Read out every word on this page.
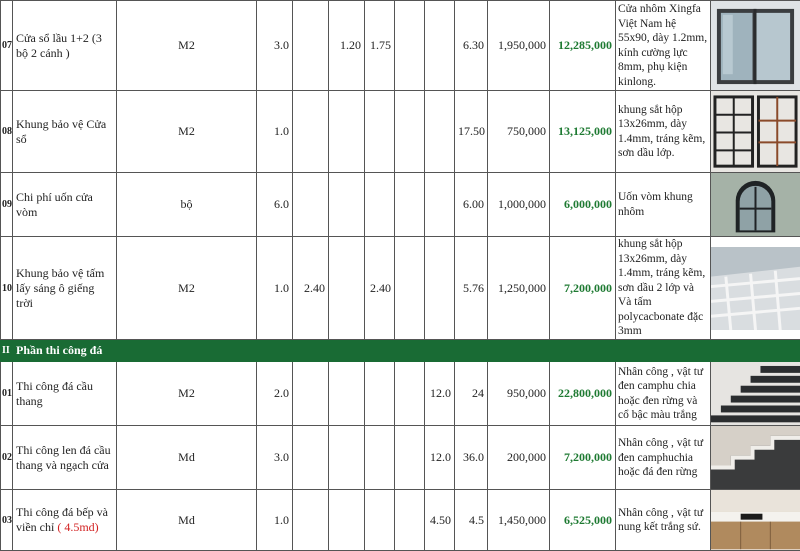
07	Cửa sổ lầu 1+2 (3 bộ 2 cánh )	M2	3.0		1.20	1.75			6.30	1,950,000	12,285,000	Cửa nhôm Xingfa Việt Nam hệ 55x90, dày 1.2mm, kính cường lực 8mm, phụ kiện kinlong.	

08	Khung bảo vệ Cửa sổ	M2	1.0						17.50	750,000	13,125,000	khung sắt hộp 13x26mm, dày 1.4mm, tráng kẽm, sơn dầu lớp.	

09	Chi phí uốn cửa vòm	bộ	6.0						6.00	1,000,000	6,000,000	Uốn vòm khung nhôm	

10	Khung bảo vệ tấm lấy sáng ô giếng trời	M2	1.0	2.40		2.40			5.76	1,250,000	7,200,000	khung sắt hộp 13x26mm, dày 1.4mm, tráng kẽm, sơn dầu 2 lớp và Và tấm polycacbonate đặc 3mm	

II	Phần thi công đá												
01	Thi công đá cầu thang	M2	2.0					12.0	24	950,000	22,800,000	Nhân công , vật tư đen camphu chia hoặc đen rừng và cổ bậc màu trắng	

02	Thi công len đá cầu thang và ngạch cửa	Md	3.0					12.0	36.0	200,000	7,200,000	Nhân công , vật tư đen camphuchia hoặc đá đen rừng	

03	Thi công đá bếp và viền chỉ ( 4.5md)	Md	1.0					4.50	4.5	1,450,000	6,525,000	Nhân công , vật tư nung kết trắng sứ.	
